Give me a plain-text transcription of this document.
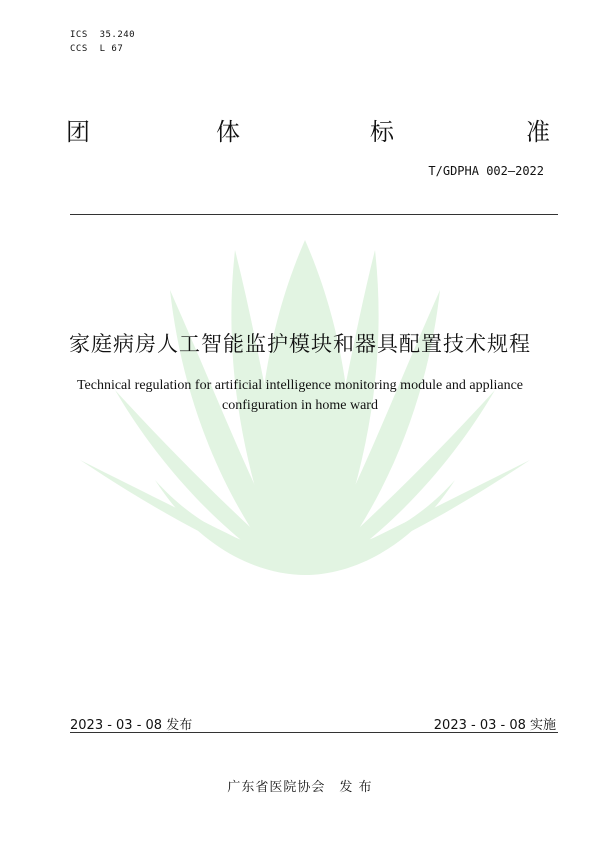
ICS  35.240
CCS  L 67
团	体	标	准
T/GDPHA 002—2022
家庭病房人工智能监护模块和器具配置技术规程
Technical regulation for artificial intelligence monitoring module and appliance
configuration in home ward
2023 - 03 - 08 发布	2023 - 03 - 08 实施
广东省医院协会　发 布
